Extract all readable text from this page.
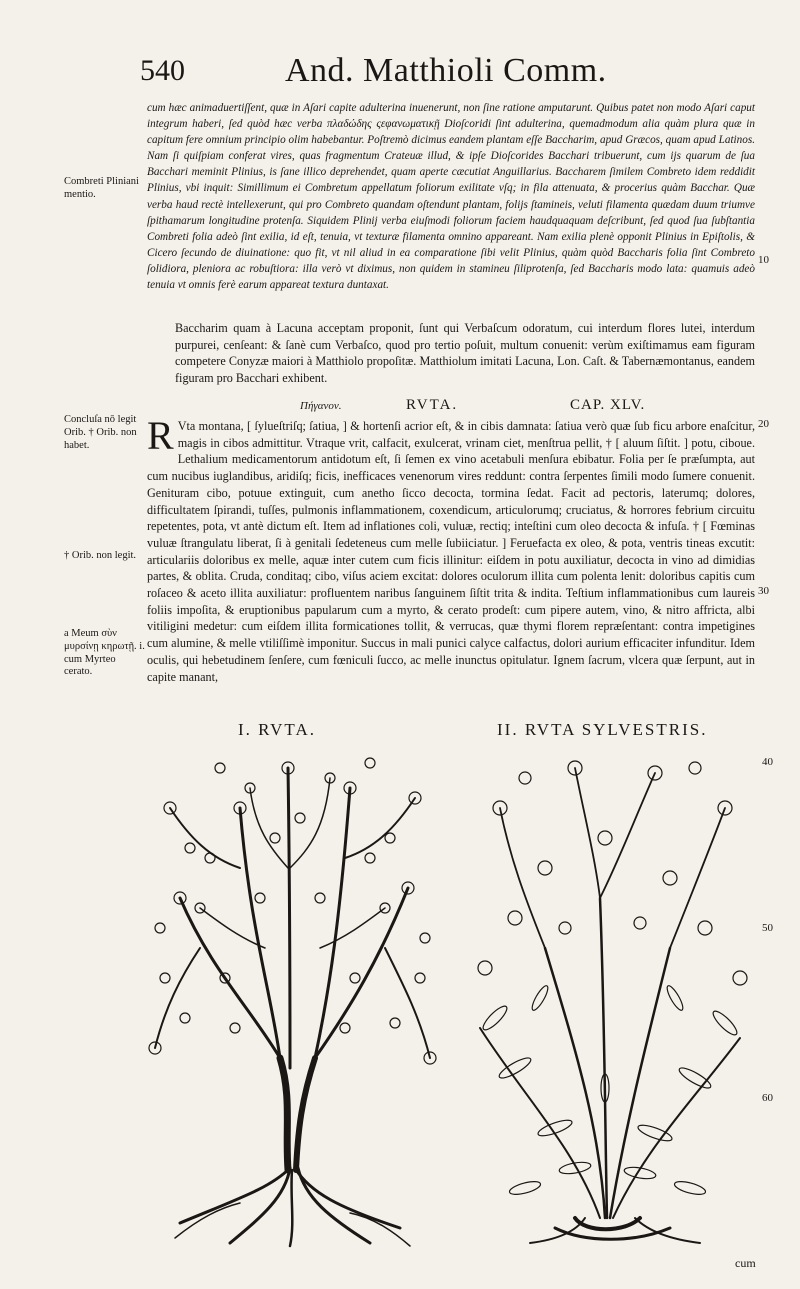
540	And. Matthioli Comm.

cum hæc animaduertiſſent, quæ in Aſari capite adulterina inuenerunt, non ſine ratione amputarunt. Quibus patet non modo Aſari caput integrum haberi, ſed quòd hæc verba πλαδώδης ςεφανωματικῇ Dioſcoridi ſint adulterina, quemadmodum alia quàm plura quæ in capitum fere omnium principio olim habebantur. Poſtremò dicimus eandem plantam eſſe Baccharim, apud Græcos, quam apud Latinos. Nam ſi quiſpiam conferat vires, quas fragmentum Crateuæ illud, & ipſe Dioſcorides Bacchari tribuerunt, cum ijs quarum de ſua Bacchari meminit Plinius, is ſane illico deprehendet, quam aperte cæcutiat Anguillarius. Baccharem ſimilem Combreto idem reddidit Plinius, vbi inquit: Simillimum ei Combretum appellatum foliorum exilitate vſq; in fila attenuata, & procerius quàm Bacchar. Quæ verba haud rectè intellexerunt, qui pro Combreto quandam oſtendunt plantam, folijs ſtamineis, veluti filamenta quædam duum triumve ſpithamarum longitudine protenſa. Siquidem Plinij verba eiuſmodi foliorum faciem haudquaquam deſcribunt, ſed quod ſua ſubſtantia Combreti folia adeò ſint exilia, id eſt, tenuia, vt texturæ filamenta omnino appareant. Nam exilia plenè opponit Plinius in Epiſtolis, & Cicero ſecundo de diuinatione: quo fit, vt nil aliud in ea comparatione ſibi velit Plinius, quàm quòd Baccharis folia ſint Combreto ſolidiora, pleniora ac robuſtiora: illa verò vt diximus, non quidem in stamineu ſiliprotenſa, ſed Baccharis modo lata: quamuis adeò tenuia vt omnis ferè earum appareat textura duntaxat.

Baccharim quam à Lacuna acceptam proponit, ſunt qui Verbaſcum odoratum, cui interdum flores lutei, interdum purpurei, cenſeant: & ſanè cum Verbaſco, quod pro tertio poſuit, multum conuenit: verùm exiſtimamus eam figuram competere Conyzæ maiori à Matthiolo propoſitæ. Matthiolum imitati Lacuna, Lon. Caſt. & Tabernæmontanus, eandem figuram pro Bacchari exhibent.

Πήγανον.	RVTA.	CAP. XLV.

R Vta montana, [ ſylueſtriſq; ſatiua, ] & hortenſi acrior eſt, & in cibis damnata: ſatiua verò quæ ſub ficu arbore enaſcitur, magis in cibos admittitur. Vtraque vrit, calfacit, exulcerat, vrinam ciet, menſtrua pellit, † [ aluum ſiſtit. ] potu, ciboue. Lethalium medicamentorum antidotum eſt, ſi ſemen ex vino acetabuli menſura ebibatur. Folia per ſe præſumpta, aut cum nucibus iuglandibus, aridiſq; ficis, inefficaces venenorum vires reddunt: contra ſerpentes ſimili modo ſumere conuenit. Genituram cibo, potuue extinguit, cum anetho ſicco decocta, tormina ſedat. Facit ad pectoris, laterumq; dolores, difficultatem ſpirandi, tuſſes, pulmonis inflammationem, coxendicum, articulorumq; cruciatus, & horrores febrium circuitu repetentes, pota, vt antè dictum eſt. Item ad inflationes coli, vuluæ, rectiq; inteſtini cum oleo decocta & infuſa. † [ Fœminas vuluæ ſtrangulatu liberat, ſi à genitali ſedeteneus cum melle ſubiiciatur. ] Feruefacta ex oleo, & pota, ventris tineas excutit: articulariis doloribus ex melle, aquæ inter cutem cum ficis illinitur: eiſdem in potu auxiliatur, decocta in vino ad dimidias partes, & oblita. Cruda, conditaq; cibo, viſus aciem excitat: dolores oculorum illita cum polenta lenit: doloribus capitis cum roſaceo & aceto illita auxiliatur: profluentem naribus ſanguinem ſiſtit trita & indita. Teſtium inflammationibus cum laureis foliis impoſita, & eruptionibus papularum cum a myrto, & cerato prodeſt: cum pipere autem, vino, & nitro affricta, albi vitiligini medetur: cum eiſdem illita formicationes tollit, & verrucas, quæ thymi florem repræſentant: contra impetigines cum alumine, & melle vtiliſſimè imponitur. Succus in mali punici calyce calfactus, dolori aurium efficaciter infunditur. Idem oculis, qui hebetudinem ſenſere, cum fœniculi ſucco, ac melle inunctus opitulatur. Ignem ſacrum, vlcera quæ ſerpunt, aut in capite manant,

Combreti Pliniani mentio.

Concluſa nō legit Orib. † Orib. non habet.

† Orib. non legit.

a Meum σὺν μυρσίνῃ κηρωτῇ. i. cum Myrteo cerato.

10
20
30
40
50
60
I. RVTA.	II. RVTA SYLVESTRIS.
cum
